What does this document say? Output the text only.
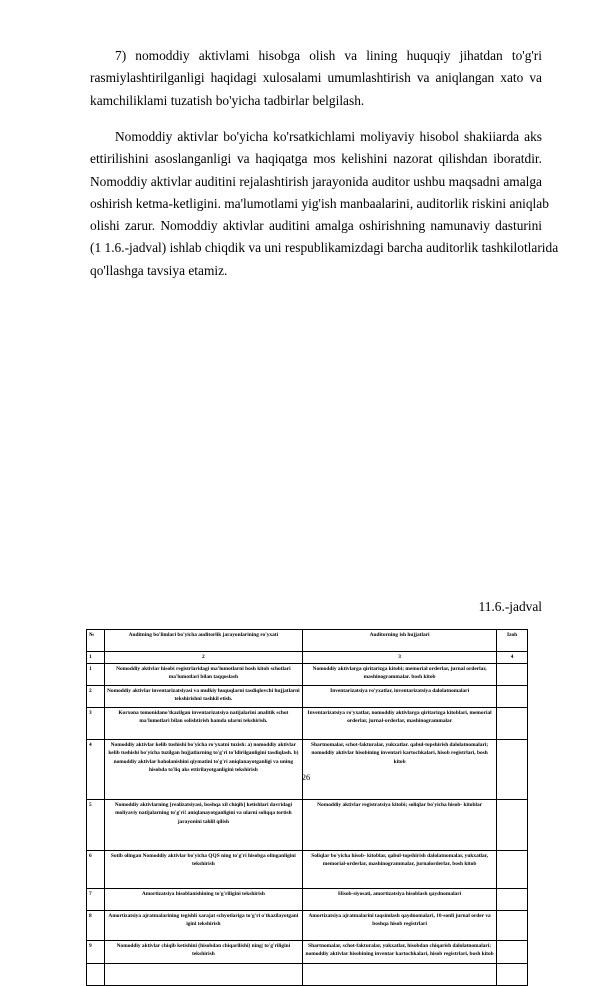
7) nomoddiy aktivlami hisobga olish va lining huquqiy jihatdan to'g'ri
rasmiylashtirilganligi haqidagi xulosalami umumlashtirish va aniqlangan xato va
kamchiliklami tuzatish bo'yicha tadbirlar belgilash.
Nomoddiy aktivlar bo'yicha ko'rsatkichlami moliyaviy hisobol shakiiarda aks
ettirilishini asoslanganligi va haqiqatga mos kelishini nazorat qilishdan iboratdir.
Nomoddiy aktivlar auditini rejalashtirish jarayonida auditor ushbu maqsadni amalga
oshirish ketma-ketligini. ma'lumotlami yig'ish manbaalarini, auditorlik riskini aniqlab
olishi zarur. Nomoddiy aktivlar auditini amalga oshirishning namunaviy dasturini
(1 1.6.-jadval) ishlab chiqdik va uni respublikamizdagi barcha auditorlik tashkilotlarida
qo'llashga tavsiya etamiz.
11.6.-jadval
№	Auditning bo'limlari bo'yicha auditorlik jarayonlarining ro'yxati	Auditorning ish hujjatlari	Izoh
1	2	3	4
1	Nomoddiy aktivlar hisobi registrlaridagi ma'lumotlarni bosh kitob schotlari ma'lumotlari bilan taqqoslash	Nomoddiy aktivlarga qiritarizga kitobi; memorial orderlar, jurnal orderlar, mashinogrammalar. bosh kitob	
2	Nomoddiy aktivlar inventarizatsiyasi va mulkiy huquqlarni tasdiqlovchi hujjatlarni tekshirishni tashkil etish.	Inventarizatsiya ro'yxatlar, inventarizatsiya dalolatnomalari	
3	Korxona tomonidano'tkazilgan inventarizatsiya natijalarini analitik schot ma'lumotlari bilan solishtirish hamda ularni tekshirish.	Inventarizatsiya ro'yxatlar, nomoddiy aktivlarga qiritarizga kitoblari, memorial orderlar, jurnal-orderlar, mashinogrammalar	
4	Nomoddiy aktivlar kelib tushishi bo'yicha ro'yxatni tuzish: a) nomoddiy aktivlar kelib tushishi bo'yicha tuzilgan hujjatlarning to'g'ri to'ldirilganligini tasdiqlash. b) nomoddiy aktivlar baholanishini qiymatini to'g'ri aniqlanayotganligi va uning hisobda to'liq aks ettirilayotganligini tekshirish	Shartnomalar, schot-fakturalar, yukxatlar. qabul-topshirish dalolatnomalari; nomoddiy aktivlar hisobining inventari kartochkalari, hisob registrlari, bosh kitob	
5	Nomoddiy aktivlarning [realizatsiyasi, boshqa xil chiqib] ketishlari davridagi moliyaviy natijalarning to'g'ri! aniqlanayotganligini va ularni soliqqa tortish jarayonini tahlil qilish	Nomoddiy aktivlar registratsiya kitobi; soliqlar bo'yicha hisob- kitoblar	
6	Sotib olingan Nomoddiy aktivlar bo'yicha QQS ning to'g'ri hisobga olinganligini tekshirish	Soliqlar bo'yicha hisob- kitoblar, qabul-topshirish dalolatnomalar, yukxatlar, memorial-orderlar, mashinogrammalar, jurnalorderlar, bosh kitob	
7	Amortizatsiya hisoblanishining to'g'riligini tekshirish	Hisob-siyosati, amortizatsiya hisoblash qaydnomalari	
8	Amortizatsiya ajratmalarining tegishli xarajat schyotlariga to'g'ri o'tkazilayotgani igini tekshirish	Amortizatsiya ajratmalarini taqsimlash qaydnomalari, 10-sonli jurnal order va boshqa hisob registrlari	
9	Nomoddiy aktivlar chiqib ketishini (hisobdan chiqarilishi) ning| to'g'riligini tekshirish	Shartnomalar, schot-fakturalar, yukxatlar, hisobdan chiqarish dalolatnomalari; nomoddiy aktivlar hisobining inventar kartochkalari, hisob registrlari, bosh kitob	

26
